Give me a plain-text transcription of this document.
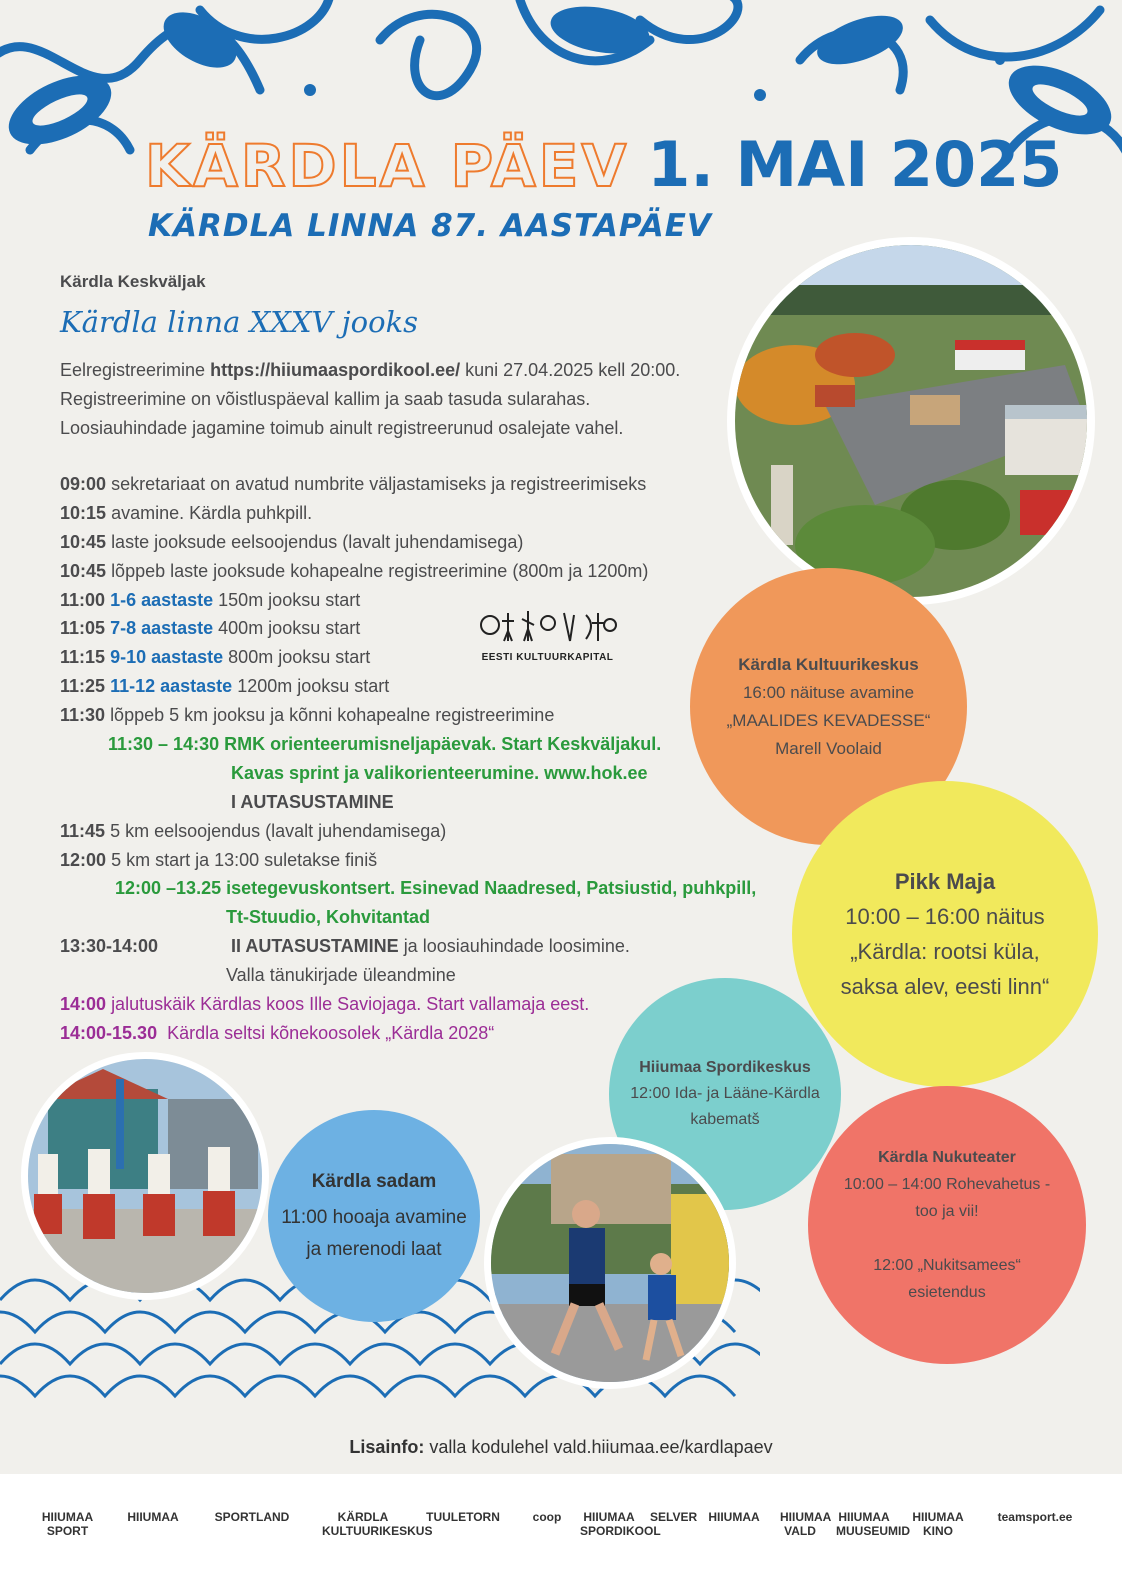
KÄRDLA PÄEV 1. MAI 2025
KÄRDLA LINNA 87. AASTAPÄEV
Kärdla Keskväljak
Kärdla linna XXXV jooks
Eelregistreerimine https://hiiumaaspordikool.ee/ kuni 27.04.2025 kell 20:00.
Registreerimine on võistluspäeval kallim ja saab tasuda sularahas.
Loosiauhindade jagamine toimub ainult registreerunud osalejate vahel.
09:00 sekretariaat on avatud numbrite väljastamiseks ja registreerimiseks
10:15 avamine. Kärdla puhkpill.
10:45 laste jooksude eelsoojendus (lavalt juhendamisega)
10:45 lõppeb laste jooksude kohapealne registreerimine (800m ja 1200m)
11:00 1-6 aastaste 150m jooksu start
11:05 7-8 aastaste 400m jooksu start
11:15 9-10 aastaste 800m jooksu start
11:25 11-12 aastaste 1200m jooksu start
11:30 lõppeb 5 km jooksu ja kõnni kohapealne registreerimine
11:30 – 14:30 RMK orienteerumisneljapäevak. Start Keskväljakul.
Kavas sprint ja valikorienteerumine. www.hok.ee
I AUTASUSTAMINE
11:45 5 km eelsoojendus (lavalt juhendamisega)
12:00 5 km start ja 13:00 suletakse finiš
12:00 –13.25 isetegevuskontsert. Esinevad Naadresed, Patsiustid, puhkpill,
Tt-Stuudio, Kohvitantad
13:30-14:00	II AUTASUSTAMINE ja loosiauhindade loosimine.
Valla tänukirjade üleandmine
14:00 jalutuskäik Kärdlas koos Ille Saviojaga. Start vallamaja eest.
14:00-15.30 Kärdla seltsi kõnekoosolek „Kärdla 2028“
EESTI KULTUURKAPITAL	Kärdla Kultuurikeskus
16:00 näituse avamine
„MAALIDES KEVADESSE“
Marell Voolaid
Pikk Maja
10:00 – 16:00 näitus
„Kärdla: rootsi küla,
saksa alev, eesti linn“
Hiiumaa Spordikeskus
12:00 Ida- ja Lääne-Kärdla
kabematš
Kärdla Nukuteater
10:00 – 14:00 Rohevahetus -
too ja vii!
12:00 „Nukitsamees“
esietendus
Kärdla sadam
11:00 hooaja avamine
ja merenodi laat
Lisainfo: valla kodulehel vald.hiiumaa.ee/kardlapaev
HIIUMAA SPORT
HIIUMAA	SPORTLAND	KÄRDLA KULTUURIKESKUS
TUULETORN	coop	HIIUMAA SPORDIKOOL
SELVER HIIUMAA	HIIUMAA VALD
HIIUMAA MUUSEUMID
HIIUMAA KINO
teamsport.ee
